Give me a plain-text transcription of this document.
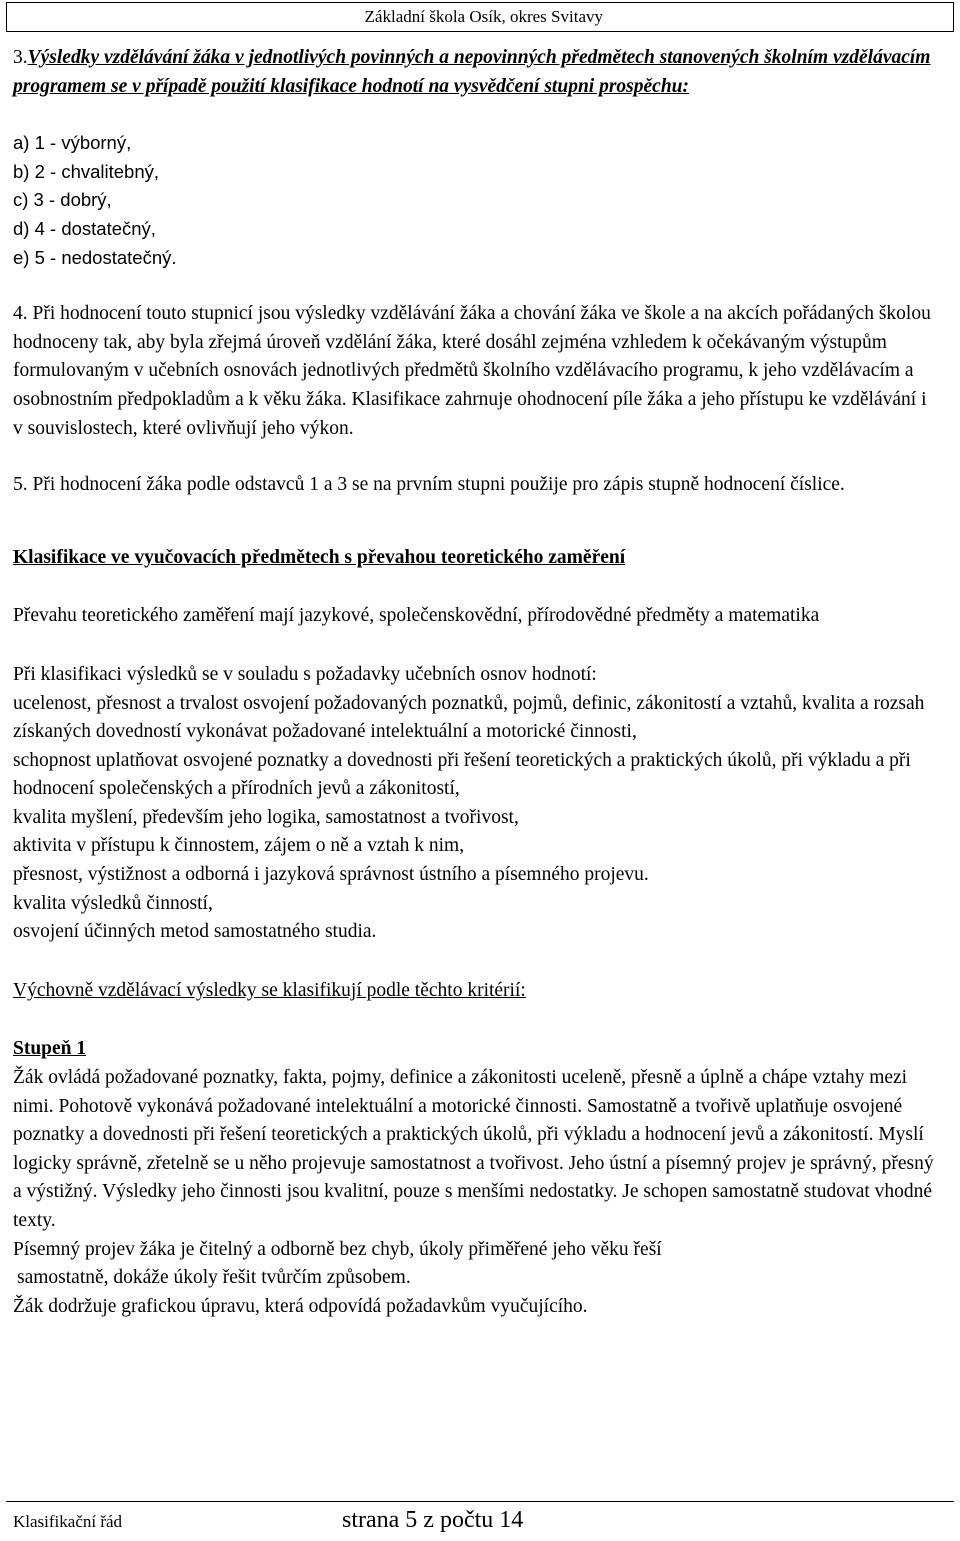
Základní škola Osík, okres Svitavy

3.Výsledky vzdělávání žáka v jednotlivých povinných a nepovinných předmětech stanovených školním vzdělávacím programem se v případě použití klasifikace hodnotí na vysvědčení stupni prospěchu:

a) 1 - výborný,

b) 2 - chvalitebný,

c) 3 - dobrý,

d) 4 - dostatečný,

e) 5 - nedostatečný.

4. Při hodnocení touto stupnicí jsou výsledky vzdělávání žáka a chování žáka ve škole a na akcích pořádaných školou hodnoceny tak, aby byla zřejmá úroveň vzdělání žáka, které dosáhl zejména vzhledem k očekávaným výstupům formulovaným v učebních osnovách jednotlivých předmětů školního vzdělávacího programu, k jeho vzdělávacím a osobnostním předpokladům a k věku žáka. Klasifikace zahrnuje ohodnocení píle žáka a jeho přístupu ke vzdělávání i v souvislostech, které ovlivňují jeho výkon.

5. Při hodnocení žáka podle odstavců 1 a 3 se na prvním stupni použije pro zápis stupně hodnocení číslice.

Klasifikace ve vyučovacích předmětech s převahou teoretického zaměření

Převahu teoretického zaměření mají jazykové, společenskovědní, přírodovědné předměty a matematika

Při klasifikaci výsledků se v souladu s požadavky učebních osnov hodnotí:

ucelenost, přesnost a trvalost osvojení požadovaných poznatků, pojmů, definic, zákonitostí a vztahů, kvalita a rozsah získaných dovedností vykonávat požadované intelektuální a motorické činnosti,

schopnost uplatňovat osvojené poznatky a dovednosti při řešení teoretických a praktických úkolů, při výkladu a při hodnocení společenských a přírodních jevů a zákonitostí,

kvalita myšlení, především jeho logika, samostatnost a tvořivost,

aktivita v přístupu k činnostem, zájem o ně a vztah k nim,

přesnost, výstižnost a odborná i jazyková správnost ústního a písemného projevu.

kvalita výsledků činností,

osvojení účinných metod samostatného studia.

Výchovně vzdělávací výsledky se klasifikují podle těchto kritérií:

Stupeň 1

Žák ovládá požadované poznatky, fakta, pojmy, definice a zákonitosti uceleně, přesně a úplně a chápe vztahy mezi nimi. Pohotově vykonává požadované intelektuální a motorické činnosti. Samostatně a tvořivě uplatňuje osvojené poznatky a dovednosti při řešení teoretických a praktických úkolů, při výkladu a hodnocení jevů a zákonitostí. Myslí logicky správně, zřetelně se u něho projevuje samostatnost a tvořivost. Jeho ústní a písemný projev je správný, přesný a výstižný. Výsledky jeho činnosti jsou kvalitní, pouze s menšími nedostatky. Je schopen samostatně studovat vhodné texty.

Písemný projev žáka je čitelný a odborně bez chyb, úkoly přiměřené jeho věku řeší

samostatně, dokáže úkoly řešit tvůrčím způsobem.

Žák dodržuje grafickou úpravu, která odpovídá požadavkům vyučujícího.

Klasifikační řád	strana 5 z počtu 14
